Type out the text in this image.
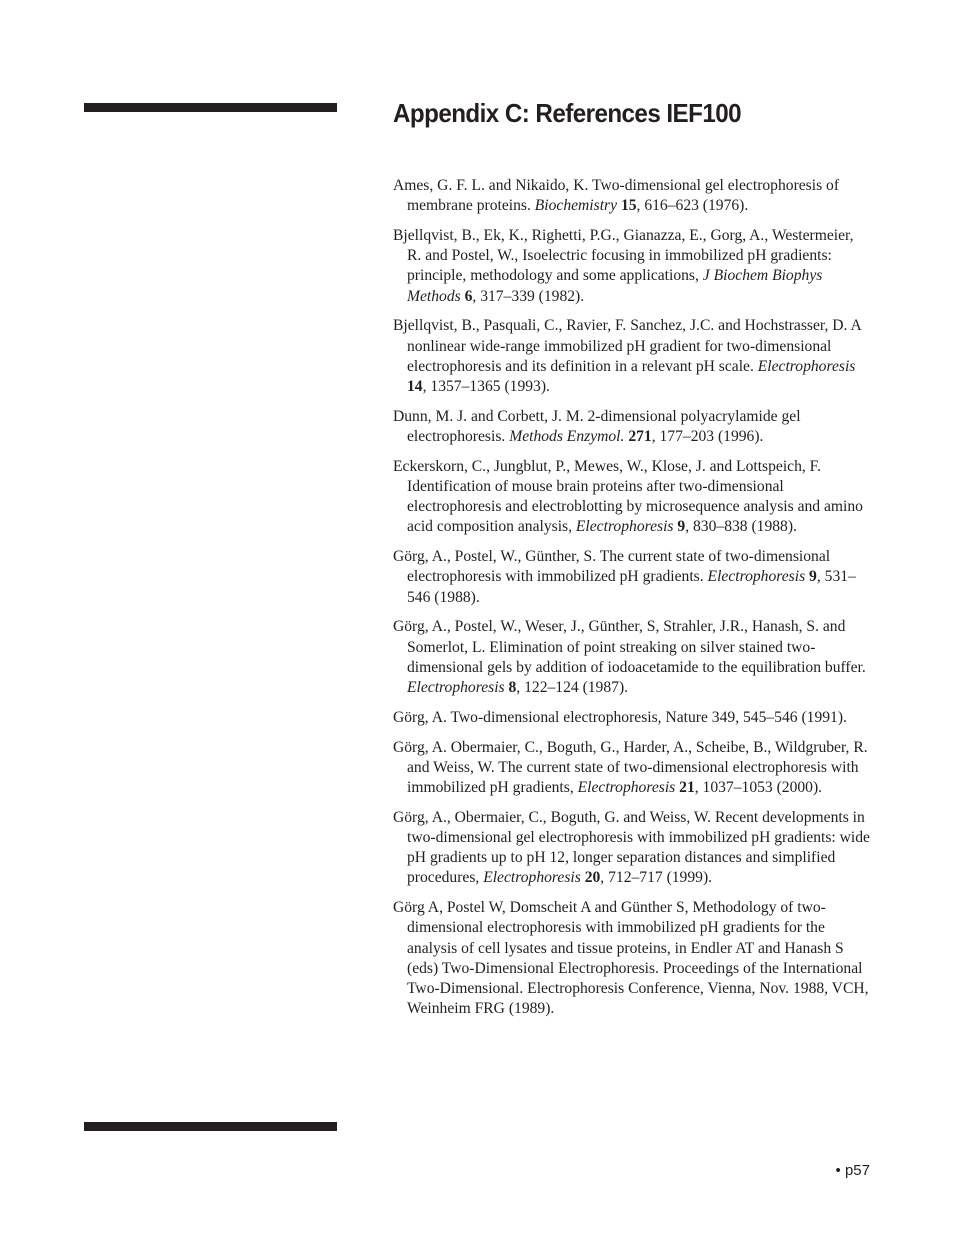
Appendix C: References IEF100
Ames, G. F. L. and Nikaido, K. Two-dimensional gel electrophoresis of membrane proteins. Biochemistry 15, 616–623 (1976).
Bjellqvist, B., Ek, K., Righetti, P.G., Gianazza, E., Gorg, A., Westermeier, R. and Postel, W., Isoelectric focusing in immobilized pH gradients: principle, methodology and some applications, J Biochem Biophys Methods 6, 317–339 (1982).
Bjellqvist, B., Pasquali, C., Ravier, F. Sanchez, J.C. and Hochstrasser, D. A nonlinear wide-range immobilized pH gradient for two-dimensional electrophoresis and its definition in a relevant pH scale. Electrophoresis 14, 1357–1365 (1993).
Dunn, M. J. and Corbett, J. M. 2-dimensional polyacrylamide gel electrophoresis. Methods Enzymol. 271, 177–203 (1996).
Eckerskorn, C., Jungblut, P., Mewes, W., Klose, J. and Lottspeich, F. Identification of mouse brain proteins after two-dimensional electrophoresis and electroblotting by microsequence analysis and amino acid composition analysis, Electrophoresis 9, 830–838 (1988).
Görg, A., Postel, W., Günther, S. The current state of two-dimensional electrophoresis with immobilized pH gradients. Electrophoresis 9, 531–546 (1988).
Görg, A., Postel, W., Weser, J., Günther, S, Strahler, J.R., Hanash, S. and Somerlot, L. Elimination of point streaking on silver stained two-dimensional gels by addition of iodoacetamide to the equilibration buffer. Electrophoresis 8, 122–124 (1987).
Görg, A. Two-dimensional electrophoresis, Nature 349, 545–546 (1991).
Görg, A. Obermaier, C., Boguth, G., Harder, A., Scheibe, B., Wildgruber, R. and Weiss, W. The current state of two-dimensional electrophoresis with immobilized pH gradients, Electrophoresis 21, 1037–1053 (2000).
Görg, A., Obermaier, C., Boguth, G. and Weiss, W. Recent developments in two-dimensional gel electrophoresis with immobilized pH gradients: wide pH gradients up to pH 12, longer separation distances and simplified procedures, Electrophoresis 20, 712–717 (1999).
Görg A, Postel W, Domscheit A and Günther S, Methodology of two-dimensional electrophoresis with immobilized pH gradients for the analysis of cell lysates and tissue proteins, in Endler AT and Hanash S (eds) Two-Dimensional Electrophoresis. Proceedings of the International Two-Dimensional. Electrophoresis Conference, Vienna, Nov. 1988, VCH, Weinheim FRG (1989).
• p57
